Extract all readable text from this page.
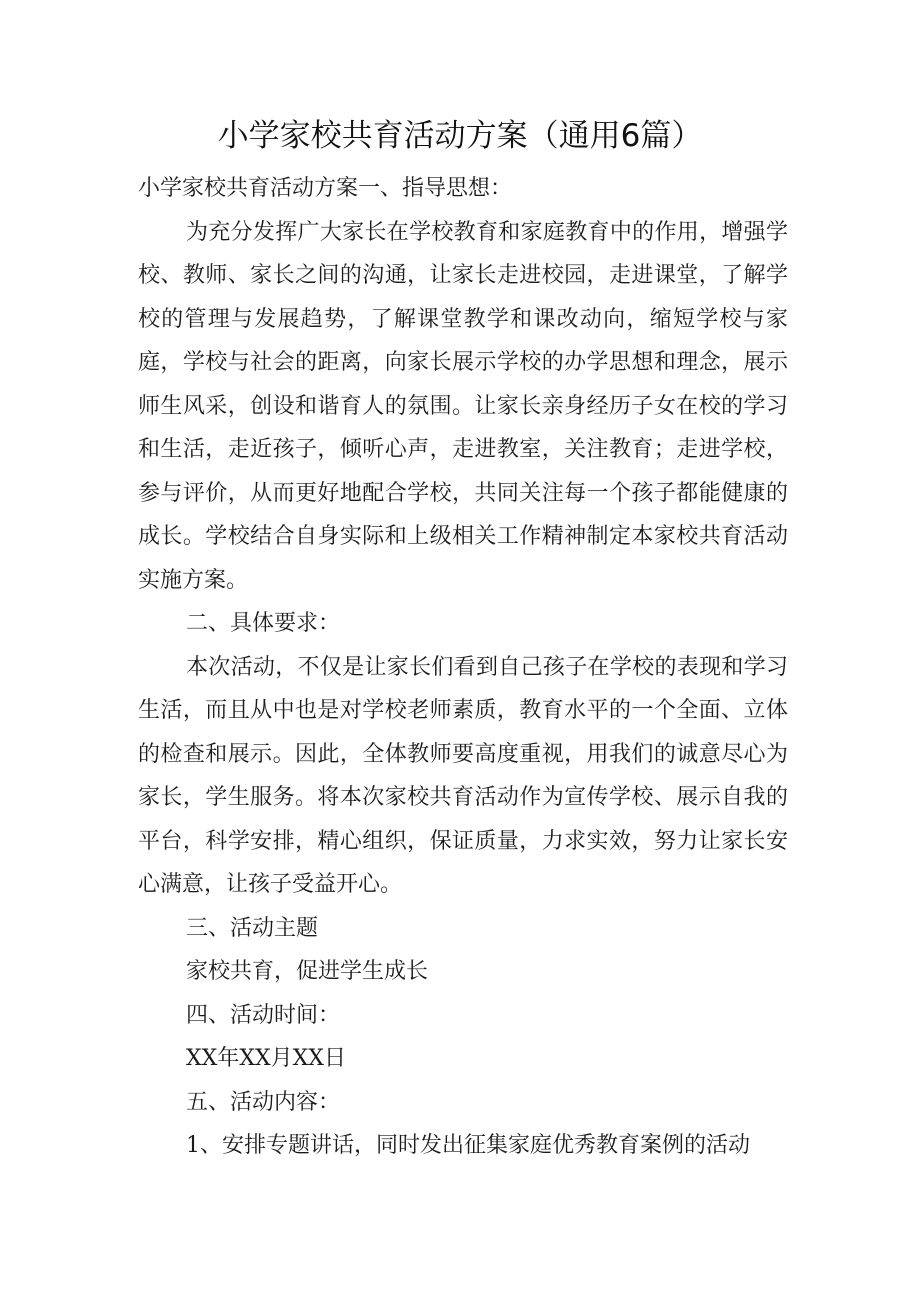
小学家校共育活动方案（通用6篇）

小学家校共育活动方案一、指导思想：

为充分发挥广大家长在学校教育和家庭教育中的作用，增强学校、教师、家长之间的沟通，让家长走进校园，走进课堂，了解学校的管理与发展趋势，了解课堂教学和课改动向，缩短学校与家庭，学校与社会的距离，向家长展示学校的办学思想和理念，展示师生风采，创设和谐育人的氛围。让家长亲身经历子女在校的学习和生活，走近孩子，倾听心声，走进教室，关注教育；走进学校，参与评价，从而更好地配合学校，共同关注每一个孩子都能健康的成长。学校结合自身实际和上级相关工作精神制定本家校共育活动实施方案。

二、具体要求：

本次活动，不仅是让家长们看到自己孩子在学校的表现和学习生活，而且从中也是对学校老师素质，教育水平的一个全面、立体的检查和展示。因此，全体教师要高度重视，用我们的诚意尽心为家长，学生服务。将本次家校共育活动作为宣传学校、展示自我的平台，科学安排，精心组织，保证质量，力求实效，努力让家长安心满意，让孩子受益开心。

三、活动主题

家校共育，促进学生成长

四、活动时间：

XX年XX月XX日

五、活动内容：

1、安排专题讲话，同时发出征集家庭优秀教育案例的活动
